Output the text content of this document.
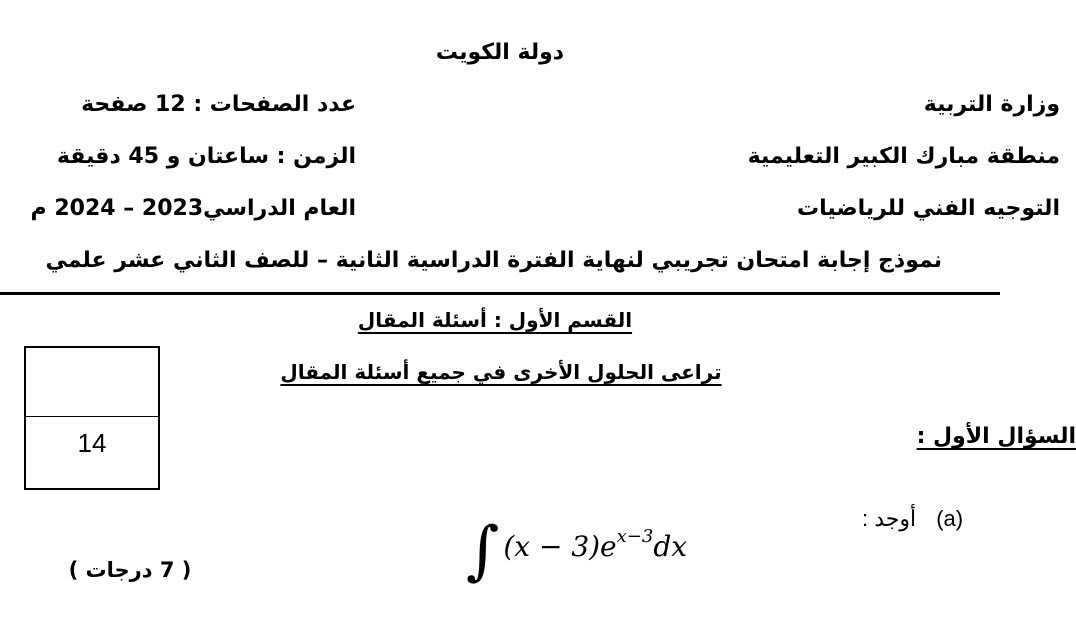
دولة الكويت
وزارة التربية
منطقة مبارك الكبير التعليمية
التوجيه الفني للرياضيات
عدد الصفحات : 12 صفحة
الزمن : ساعتان و 45 دقيقة
العام الدراسي2023 – 2024 م
نموذج إجابة امتحان تجريبي لنهاية الفترة الدراسية الثانية – للصف الثاني عشر علمي
القسم الأول : أسئلة المقال
تراعى الحلول الأخرى في جميع أسئلة المقال
14	السؤال الأول :
∫ $(x - 3)e^{x-3}dx$
أوجد : (a)
( 7 درجات )
